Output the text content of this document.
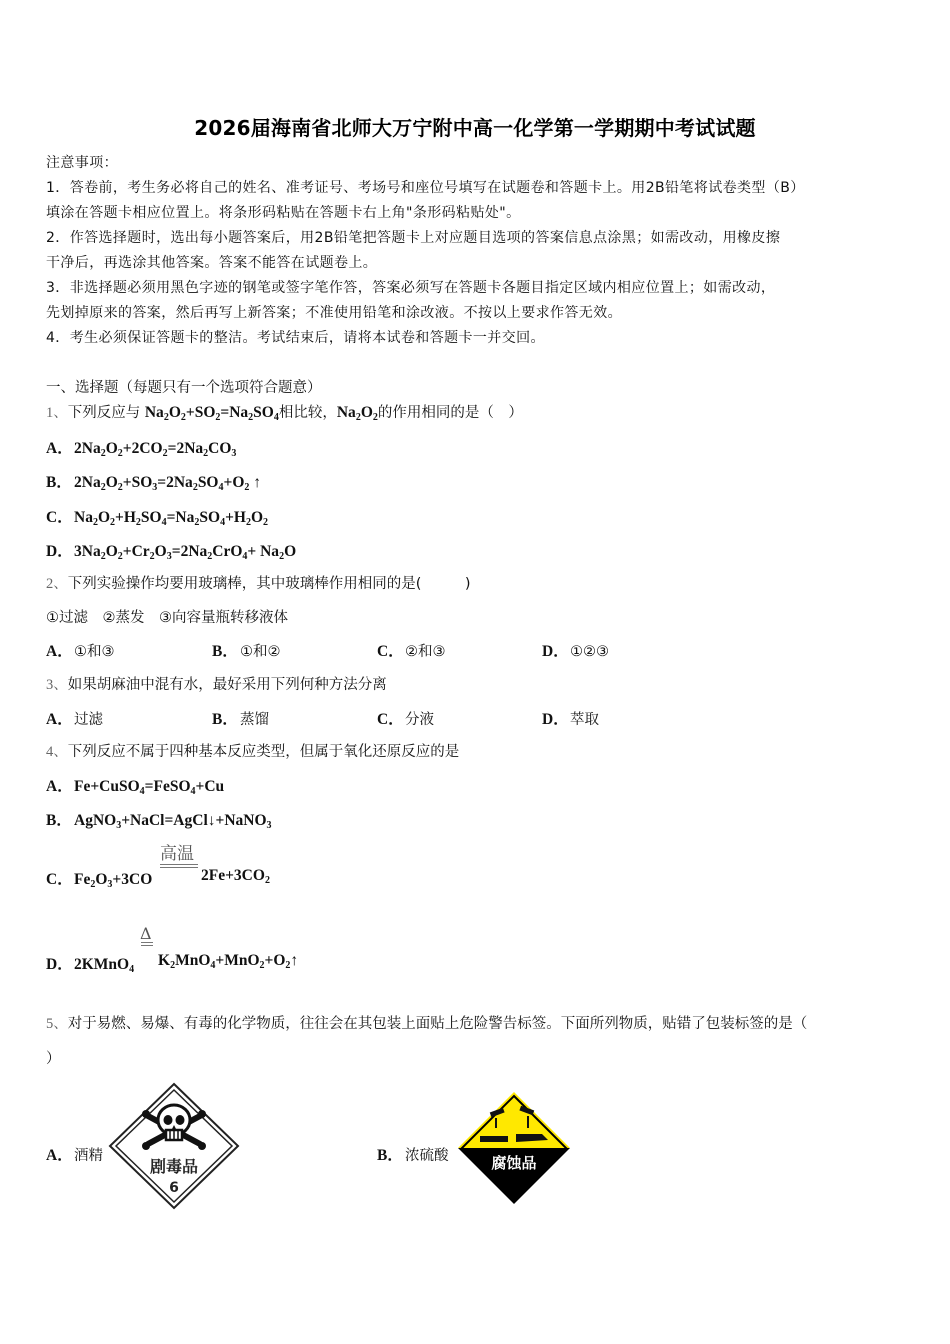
2026届海南省北师大万宁附中高一化学第一学期期中考试试题
注意事项：
1．答卷前，考生务必将自己的姓名、准考证号、考场号和座位号填写在试题卷和答题卡上。用2B铅笔将试卷类型（B）
填涂在答题卡相应位置上。将条形码粘贴在答题卡右上角"条形码粘贴处"。
2．作答选择题时，选出每小题答案后，用2B铅笔把答题卡上对应题目选项的答案信息点涂黑；如需改动，用橡皮擦
干净后，再选涂其他答案。答案不能答在试题卷上。
3．非选择题必须用黑色字迹的钢笔或签字笔作答，答案必须写在答题卡各题目指定区域内相应位置上；如需改动，
先划掉原来的答案，然后再写上新答案；不准使用铅笔和涂改液。不按以上要求作答无效。
4．考生必须保证答题卡的整洁。考试结束后，请将本试卷和答题卡一并交回。
一、选择题（每题只有一个选项符合题意）
1、下列反应与 $Na_2O_2+SO_2=Na_2SO_4$相比较，$Na_2O_2$的作用相同的是（　）
A．$2Na_2O_2+2CO_2=2Na_2CO_3$
B． $2Na_2O_2+SO_3=2Na_2SO_4+O_2$ ↑
C．$Na_2O_2+H_2SO_4=Na_2SO_4+H_2O_2$
D．$3Na_2O_2+Cr_2O_3=2Na_2CrO_4+ Na_2O$
2、下列实验操作均要用玻璃棒，其中玻璃棒作用相同的是(　　　)
①过滤　②蒸发　③向容量瓶转移液体
A．①和③	B． ①和②	C．②和③	D．①②③
3、如果胡麻油中混有水，最好采用下列何种方法分离
A．过滤	B． 蒸馏	C．分液	D．萃取
4、下列反应不属于四种基本反应类型，但属于氧化还原反应的是
A．Fe+CuSO$_4$=FeSO$_4$+Cu
B． AgNO$_3$+NaCl=AgCl↓+NaNO$_3$
C．$Fe_2O_3+3CO$
高温
$2Fe+3CO_2$
D．2KMnO$_4$
Δ
$K_2MnO_4+MnO_2+O_2↑$
5、对于易燃、易爆、有毒的化学物质，往往会在其包装上面贴上危险警告标签。下面所列物质，贴错了包装标签的是（
）
A．酒精
剧毒品
6
B． 浓硫酸	腐蚀品
